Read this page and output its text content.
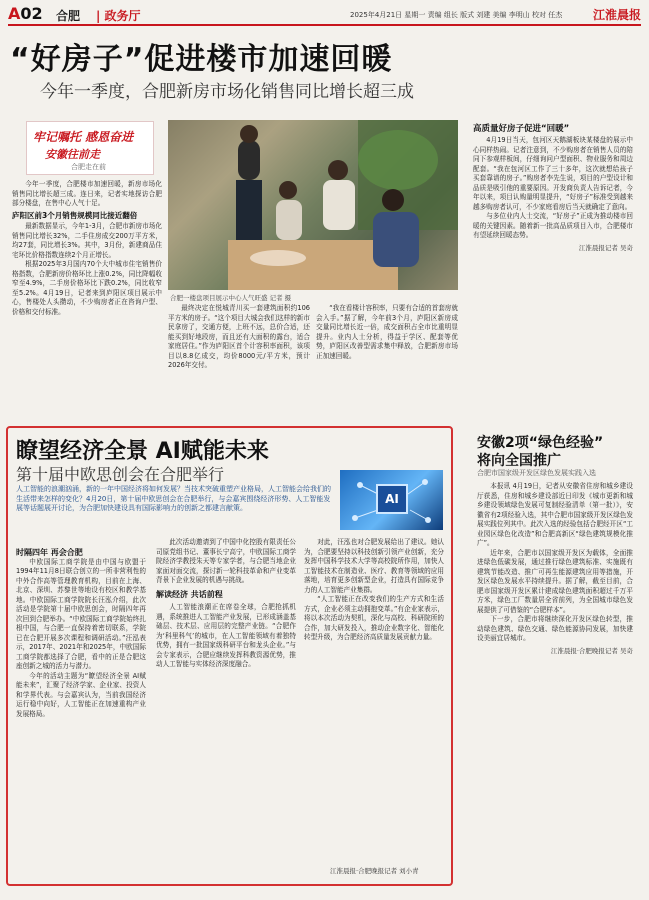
A02 合肥 | 政务厅	2025年4月21日 星期一 责编 组长 版式 刘建 美编 李明山 校对 任杰	江淮晨报
“好房子”促进楼市加速回暖
今年一季度，合肥新房市场化销售同比增长超三成
牢记嘱托 感恩奋进
安徽往前走
合肥走在前

今年一季度，合肥楼市加速回暖，新房市场化销售同比增长超三成。连日来，记者实地探访合肥部分楼盘，在售中心人气十足。

庐阳区前3个月销售规模同比接近翻倍

最新数据显示，今年1-3月，合肥市新房市场化销售同比增长32%，二手住房成交200万平方米，均27套，同比增长3%。其中，3月份，新建商品住宅环比价格指数连续2个月正增长。

根据2025年3月国内70个大中城市住宅销售价格指数，合肥新房价格环比上涨0.2%，同比降幅收窄至4.9%，二手房价格环比下跌0.2%，同比收窄至5.2%。4月19日，记者来到庐阳区项目展示中心，售楼处人头攒动，不少购房者正在咨询户型、价格和交付标准。

合肥一楼盘项目展示中心人气旺盛 记者 摄

最终决定在悦城青川买一套建筑面积约106平方米的房子。“这个项目大城会我们这样的新市民拿房了，交通方便，上班不远，总价合适，还能买到好地段房，而且还有大面积的露台，适合家庭居住。”作为庐阳区首个计容积率面积，该项目以8.8亿成交，均价8000元/平方米，预计2026年交付。

“我在看楼计容积率，只要有合适的首套房就会入手。”据了解，今年前3个月，庐阳区新房成交量同比增长近一倍，成交面积占全市比重明显提升。业内人士分析，得益于学区、配套等优势，庐阳区改善型需求集中释放，合肥新房市场正加速回暖。

高质量好房子促进“回暖”

4月19日当天，包河区天鹅湖板块某楼盘的展示中心同样热闹。记者注意到，不少购房者在销售人员的陪同下参观样板间，仔细询问户型面积、物业服务和周边配套。“我在包河区工作了三十多年，这次就想给孩子买套靠谱的房子。”购房者李先生说，项目的户型设计和品质是吸引他的重要原因。开发商负责人告诉记者，今年以来，项目认购量明显提升，“好房子”标准受到越来越多购房者认可，不少家庭看房后当天就确定了意向。

与多位业内人士交流，“好房子”正成为推动楼市回暖的关键因素。随着新一批高品质项目入市，合肥楼市有望延续回暖态势。

江淮晨报记者 吴奇
瞭望经济全景 AI赋能未来
第十届中欧思创会在合肥举行
人工智能的浪潮汹涌，新的一年中国经济将如何发展？当技术突破重塑产业格局，人工智能会给我们的生活带来怎样的变化？4月20日，第十届中欧思创会在合肥举行，与会嘉宾围绕经济形势、人工智能发展等话题展开讨论，为合肥加快建设具有国际影响力的创新之都建言献策。
AI
时隔四年 再会合肥

中欧国际工商学院是由中国与欧盟于1994年11月8日联合创立的一所非营利性的中外合作高等管理教育机构，目前在上海、北京、深圳、苏黎世等地设有校区和教学基地。中欧国际工商学院院长汪泓介绍，此次活动是学院第十届中欧思创会，时隔四年再次回到合肥举办。“中欧国际工商学院始终扎根中国，与合肥一直保持着密切联系，学院已在合肥开展多次课程和调研活动。”汪泓表示，2017年、2021年和2025年，中欧国际工商学院都选择了合肥，看中的正是合肥这座创新之城的活力与潜力。

今年的活动主题为“瞭望经济全景 AI赋能未来”，汇聚了经济学家、企业家、投资人和学界代表。与会嘉宾认为，当前我国经济运行稳中向好，人工智能正在加速重构产业发展格局。

此次活动邀请到了中国中化控股有限责任公司原党组书记、董事长宁高宁，中欧国际工商学院经济学教授朱天等专家学者，与合肥当地企业家面对面交流，探讨新一轮科技革命和产业变革背景下企业发展的机遇与挑战。

解读经济 共话前程

人工智能浪潮正在席卷全球，合肥抢抓机遇，系统推进人工智能产业发展，已形成涵盖基础层、技术层、应用层的完整产业链。“合肥作为‘科里科气’的城市，在人工智能领域有着独特优势，拥有一批国家级科研平台和龙头企业。”与会专家表示，合肥应继续发挥科教资源优势，推动人工智能与实体经济深度融合。

对此，汪泓也对合肥发展给出了建议。她认为，合肥要坚持以科技创新引领产业创新，充分发挥中国科学技术大学等高校院所作用，加快人工智能技术在制造业、医疗、教育等领域的应用落地，培育更多创新型企业，打造具有国际竞争力的人工智能产业集群。

“人工智能正在改变我们的生产方式和生活方式，企业必须主动拥抱变革。”有企业家表示，将以本次活动为契机，深化与高校、科研院所的合作，加大研发投入，推动企业数字化、智能化转型升级，为合肥经济高质量发展贡献力量。

江淮晨报·合肥晚报记者 刘小青
安徽2项“绿色经验”
将向全国推广
合肥市国家级开发区绿色发展实践入选

本报讯 4月19日，记者从安徽省住房和城乡建设厅获悉，住房和城乡建设部近日印发《城市更新和城乡建设领域绿色发展可复制经验清单（第一批）》，安徽省有2项经验入选，其中合肥市国家级开发区绿色发展实践位列其中。此次入选的经验包括合肥经开区“工业园区绿色化改造”和合肥高新区“绿色建筑规模化推广”。

近年来，合肥市以国家级开发区为载体，全面推进绿色低碳发展，通过推行绿色建筑标准、实施既有建筑节能改造、推广可再生能源建筑应用等措施，开发区绿色发展水平持续提升。据了解，截至目前，合肥市国家级开发区累计建成绿色建筑面积超过千万平方米，绿色工厂数量居全省前列，为全国城市绿色发展提供了可借鉴的“合肥样本”。

下一步，合肥市将继续深化开发区绿色转型，推动绿色建筑、绿色交通、绿色能源协同发展，加快建设美丽宜居城市。

江淮晨报·合肥晚报记者 吴奇
